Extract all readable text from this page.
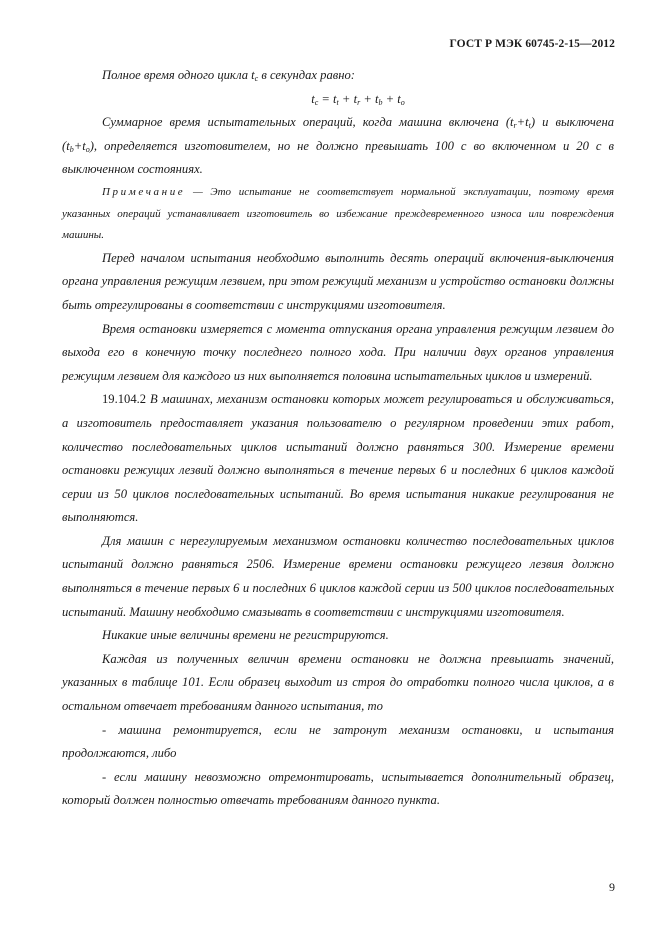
ГОСТ Р МЭК 60745-2-15—2012

Полное время одного цикла $t_c$ в секундах равно:

$t_c = t_t + t_r + t_b + t_o$

Суммарное время испытательных операций, когда машина включена $(t_r+t_t)$ и выключена $(t_b+t_o)$, определяется изготовителем, но не должно превышать 100 с во включенном и 20 с в выключенном состояниях.

Примечание — Это испытание не соответствует нормальной эксплуатации, поэтому время указанных операций устанавливает изготовитель во избежание преждевременного износа или повреждения машины.

Перед началом испытания необходимо выполнить десять операций включения-выключения органа управления режущим лезвием, при этом режущий механизм и устройство остановки должны быть отрегулированы в соответствии с инструкциями изготовителя.

Время остановки измеряется с момента отпускания органа управления режущим лезвием до выхода его в конечную точку последнего полного хода. При наличии двух органов управления режущим лезвием для каждого из них выполняется половина испытательных циклов и измерений.

19.104.2 В машинах, механизм остановки которых может регулироваться и обслуживаться, а изготовитель предоставляет указания пользователю о регулярном проведении этих работ, количество последовательных циклов испытаний должно равняться 300. Измерение времени остановки режущих лезвий должно выполняться в течение первых 6 и последних 6 циклов каждой серии из 50 циклов последовательных испытаний. Во время испытания никакие регулирования не выполняются.

Для машин с нерегулируемым механизмом остановки количество последовательных циклов испытаний должно равняться 2506. Измерение времени остановки режущего лезвия должно выполняться в течение первых 6 и последних 6 циклов каждой серии из 500 циклов последовательных испытаний. Машину необходимо смазывать в соответствии с инструкциями изготовителя.

Никакие иные величины времени не регистрируются.

Каждая из полученных величин времени остановки не должна превышать значений, указанных в таблице 101. Если образец выходит из строя до отработки полного числа циклов, а в остальном отвечает требованиям данного испытания, то

- машина ремонтируется, если не затронут механизм остановки, и испытания продолжаются, либо

- если машину невозможно отремонтировать, испытывается дополнительный образец, который должен полностью отвечать требованиям данного пункта.

9
